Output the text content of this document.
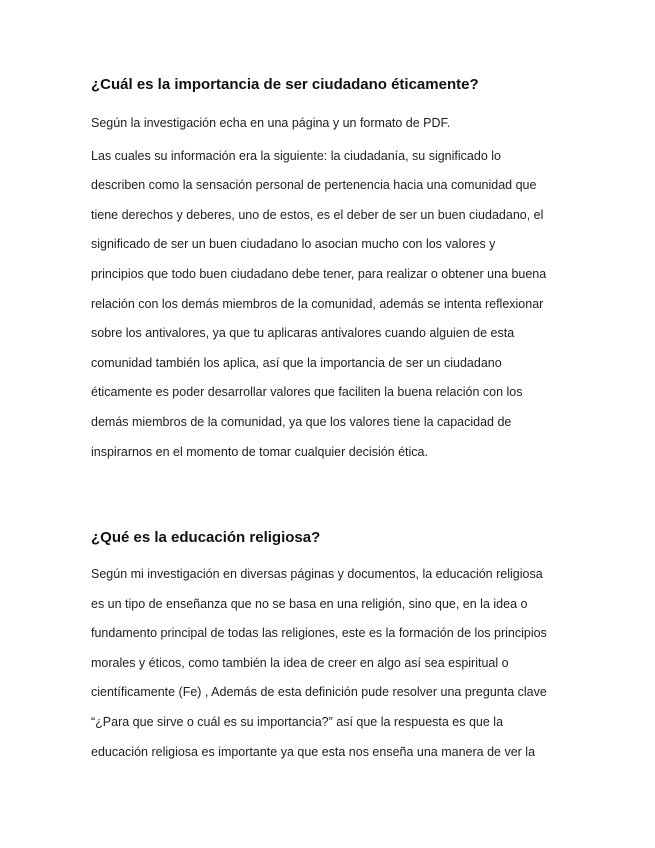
¿Cuál es la importancia de ser ciudadano éticamente?
Según la investigación echa en una página y un formato de PDF.
Las cuales su información era la siguiente: la ciudadanía, su significado lo
describen como la sensación personal de pertenencia hacia una comunidad que
tiene derechos y deberes, uno de estos, es el deber de ser un buen ciudadano, el
significado de ser un buen ciudadano lo asocian mucho con los valores y
principios que todo buen ciudadano debe tener, para realizar o obtener una buena
relación con los demás miembros de la comunidad, además se intenta reflexionar
sobre los antivalores, ya que tu aplicaras antivalores cuando alguien de esta
comunidad también los aplica, así que la importancia de ser un ciudadano
éticamente es poder desarrollar valores que faciliten la buena relación con los
demás miembros de la comunidad, ya que los valores tiene la capacidad de
inspirarnos en el momento de tomar cualquier decisión ética.
¿Qué es la educación religiosa?
Según mi investigación en diversas páginas y documentos, la educación religiosa
es un tipo de enseñanza que no se basa en una religión, sino que, en la idea o
fundamento principal de todas las religiones, este es la formación de los principios
morales y éticos, como también la idea de creer en algo así sea espiritual o
científicamente (Fe) , Además de esta definición pude resolver una pregunta clave
“¿Para que sirve o cuál es su importancia?” así que la respuesta es que la
educación religiosa es importante ya que esta nos enseña una manera de ver la
